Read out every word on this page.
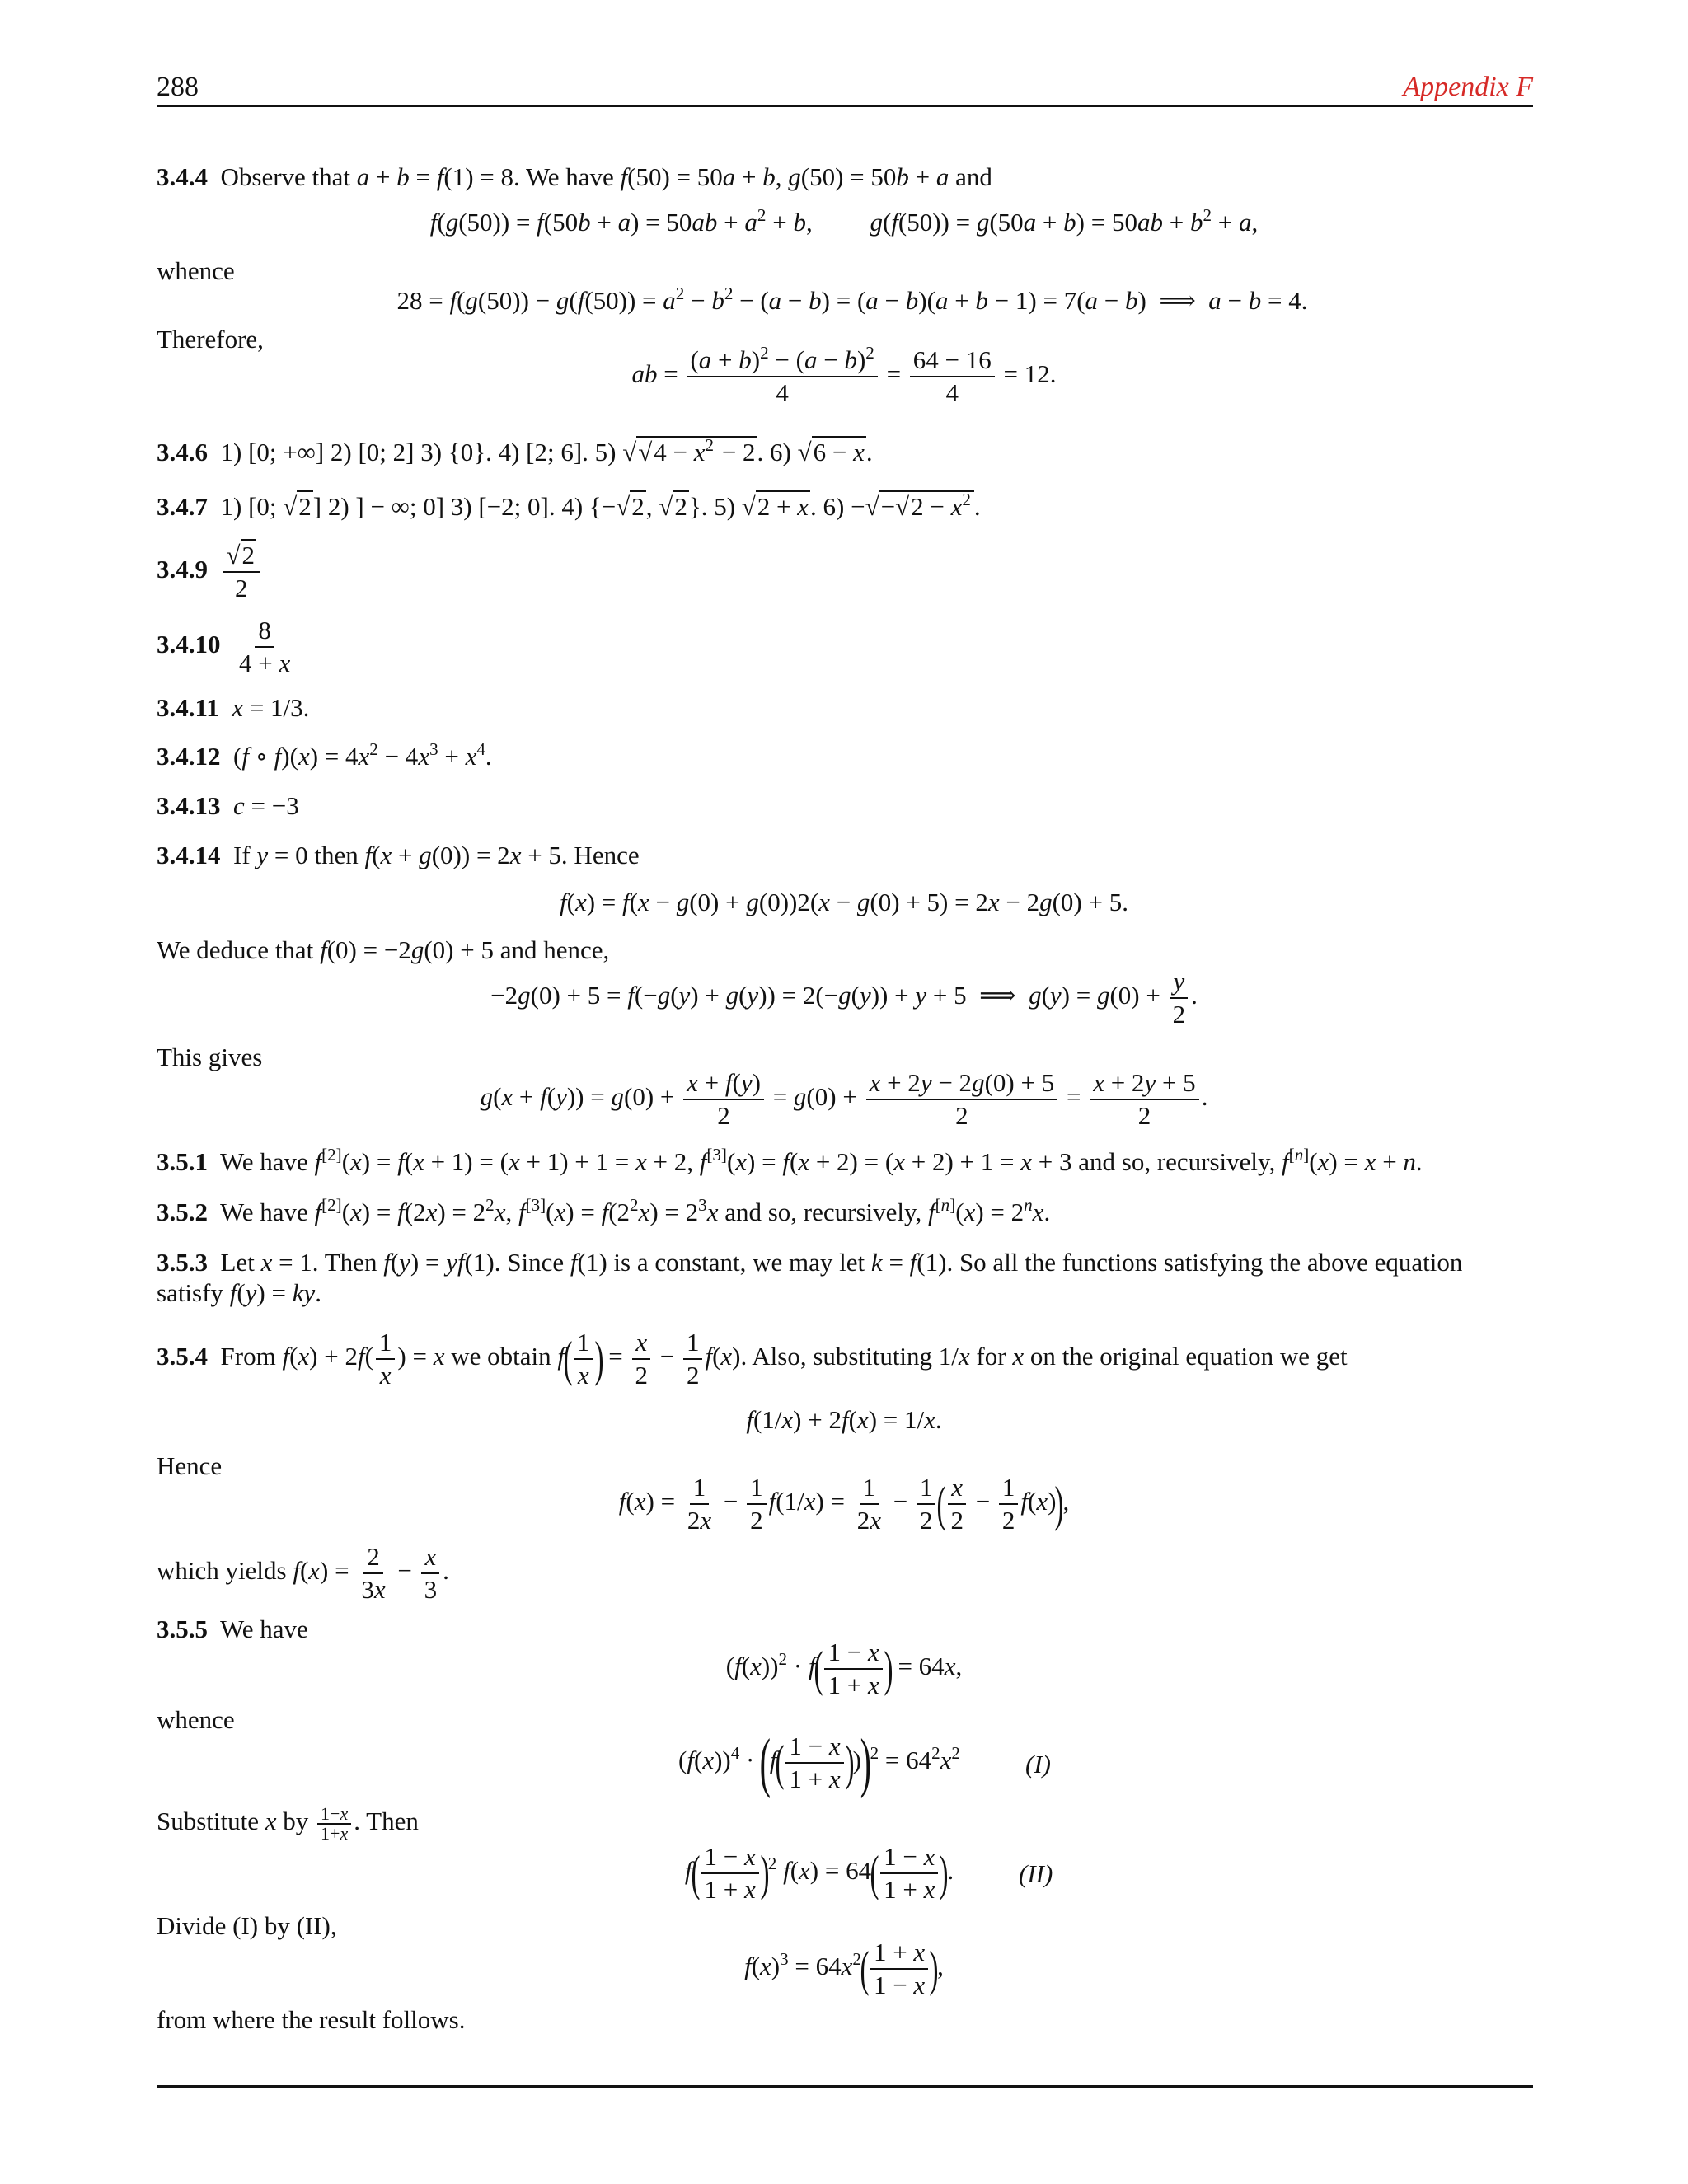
288	Appendix F
3.4.4  Observe that a + b = f(1) = 8. We have f(50) = 50a + b, g(50) = 50b + a and
$f(g(50)) = f(50b + a) = 50ab + a^2 + b$,         $g(f(50)) = g(50a + b) = 50ab + b^2 + a$,
whence
$28 = f(g(50)) - g(f(50)) = a^2 - b^2 - (a - b) = (a - b)(a + b - 1) = 7(a - b)$  ⟹  a − b = 4.
Therefore,
ab = $\frac{(a + b)^2 - (a - b)^2}{4} = \frac{64 - 16}{4} = 12$.
3.4.6  1) [0; +∞] 2) [0; 2] 3) {0}. 4) [2; 6]. 5) $√√4 - x^2 - 2$. 6) √6 − x.
3.4.7  1) [0; √2] 2) ] − ∞; 0] 3) [−2; 0]. 4) {−√2, √2}. 5) √2 + x. $6) -√-√2 - x^2$ .
$3.4.9 \frac{√2}{2}$
$3.4.10 \frac{8}{4 + x}$
3.4.11 x = 1/3.
3.4.12  (f ∘ $f)(x) = 4x^2 - 4x^3 + x^4$.
3.4.13 c = −3
3.4.14  If y = 0 then f(x + g(0)) = 2x + 5. Hence
f(x) = f(x − g(0) + g(0))2(x − g(0) + 5) = 2x − 2g(0) + 5.
We deduce that f(0) = −2g(0) + 5 and hence,
−2g(0) + 5 = f(−g(y) + g(y)) = 2(−g(y)) + y + 5  ⟹  $g(y) = g(0) + \frac{y}{2}$ .
This gives
$g(x + f(y)) = g(0) + \frac{x + f(y)}{2} = g(0) + \frac{x + 2y - 2g(0) + 5}{2} = \frac{x + 2y + 5}{2}$ .
3.5.1  We have f[2](x) = f(x + 1) = (x + 1) + 1 = x + 2, f[3](x) = f(x + 2) = (x + 2) + 1 = x + 3 and so, recursively, f[n](x) = x + n.
3.5.2  We have $f[2](x) = f(2x) = 2^2x$, $f[3](x) = f(2^2x) = 2^3x$ and so, recursively, $f[n](x) = 2^nx$.
3.5.3  Let x = 1. Then f(y) = yf(1). Since f(1) is a constant, we may let k = f(1). So all the functions satisfying the above equation
satisfy f(y) = ky.
3.5.4  From $f(x) + 2f( \frac{1}{x}$ ) = x we obtain $f( \frac{1}{x}$ ) = $\frac{x}{2} - \frac{1}{2} f(x)$. Also, substituting 1/x for x on the original equation we get
f(1/x) + 2f(x) = 1/x.
Hence
$f(x) = \frac{1}{2x} - \frac{1}{2} f(1/x) = \frac{1}{2x} - \frac{1}{2}$ ( $\frac{x}{2} - \frac{1}{2} f(x)$),
which yields $f(x) = \frac{2}{3x} - \frac{x}{3}$ .
3.5.5  We have
$(f(x))^2 \cdot f( \frac{1 - x}{1 + x}$ ) = 64x,
whence
$(f(x))^4 \cdot (f( \frac{1 - x}{1 + x} )))^2 = 64^2x^2$	(I)
Substitute x by $\frac{1-x}{1+x}$ . Then
$f( \frac{1 - x}{1 + x} )^2$ $f(x) = 64( \frac{1 - x}{1 + x}$ ).	(II)
Divide (I) by (II),
$f(x)^3 = 64x^2( \frac{1 + x}{1 - x}$ ),
from where the result follows.
